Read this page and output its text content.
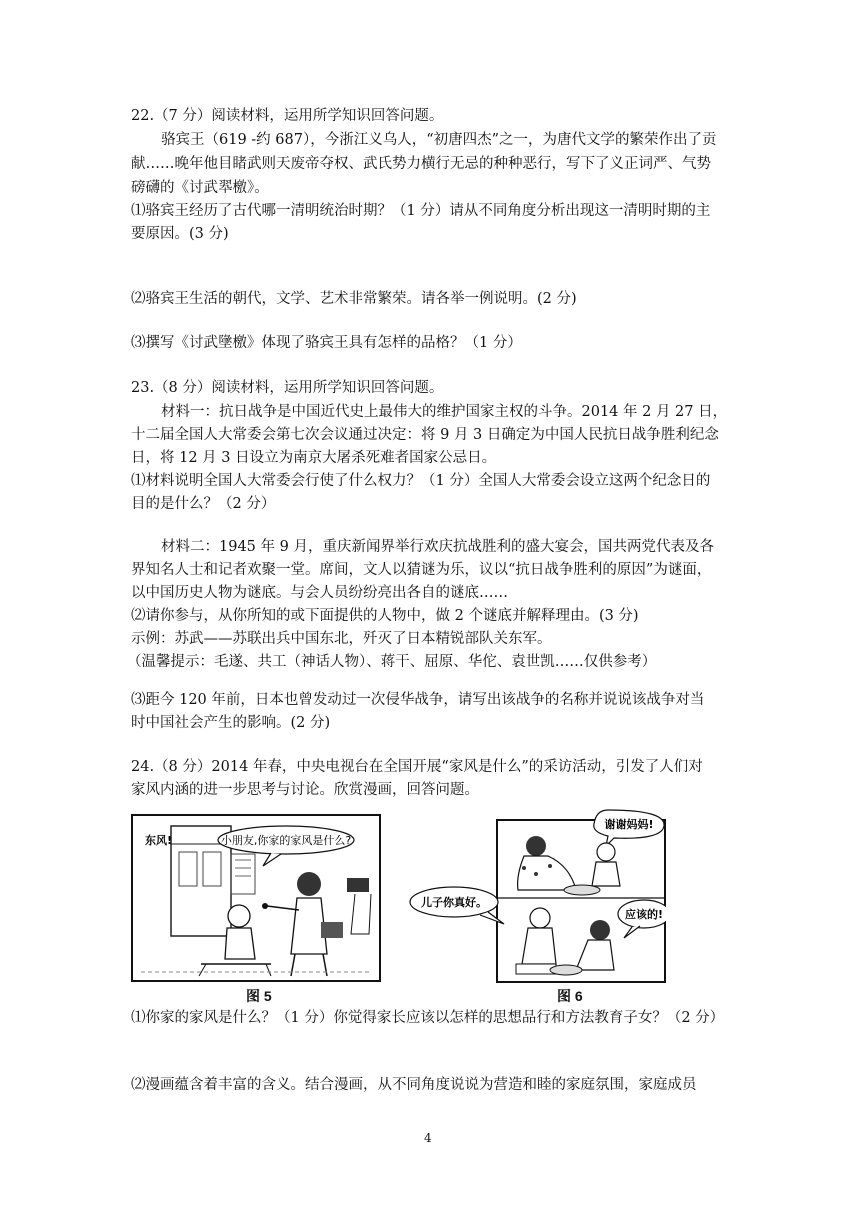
22.（7 分）阅读材料，运用所学知识回答问题。
骆宾王（619 -约 687），今浙江义乌人，“初唐四杰”之一，为唐代文学的繁荣作出了贡
献……晚年他目睹武则天废帝夺权、武氏势力横行无忌的种种恶行，写下了义正词严、气势
磅礴的《讨武翆檄》。
⑴骆宾王经历了古代哪一清明统治时期？（1 分）请从不同角度分析出现这一清明时期的主
要原因。(3 分)
⑵骆宾王生活的朝代，文学、艺术非常繁荣。请各举一例说明。(2 分)
⑶撰写《讨武墬檄》体现了骆宾王具有怎样的品格？（1 分）
23.（8 分）阅读材料，运用所学知识回答问题。
材料一：抗日战争是中国近代史上最伟大的维护国家主权的斗争。2014 年 2 月 27 日，
十二届全国人大常委会第七次会议通过决定：将 9 月 3 日确定为中国人民抗日战争胜利纪念
日，将 12 月 3 日设立为南京大屠杀死难者国家公忌日。
⑴材料说明全国人大常委会行使了什么权力？（1 分）全国人大常委会设立这两个纪念日的
目的是什么？（2 分）
材料二：1945 年 9 月，重庆新闻界举行欢庆抗战胜利的盛大宴会，国共两党代表及各
界知名人士和记者欢聚一堂。席间，文人以猜谜为乐，议以“抗日战争胜利的原因”为谜面，
以中国历史人物为谜底。与会人员纷纷亮出各自的谜底……
⑵请你参与，从你所知的或下面提供的人物中，做 2 个谜底并解释理由。(3 分)
示例：苏武——苏联出兵中国东北，歼灭了日本精锐部队关东军。
（温馨提示：毛遂、共工（神话人物）、蒋干、屈原、华佗、袁世凯……仅供参考）
⑶距今 120 年前，日本也曾发动过一次侵华战争，请写出该战争的名称并说说该战争对当
时中国社会产生的影响。(2 分)
24.（8 分）2014 年春，中央电视台在全国开展“家风是什么”的采访活动，引发了人们对
家风内涵的进一步思考与讨论。欣赏漫画，回答问题。
小朋友,你家的家风是什么?
东风!
图 5
谢谢妈妈!
应该的!
儿子你真好。
图 6
⑴你家的家风是什么？（1 分）你觉得家长应该以怎样的思想品行和方法教育子女？（2 分）
⑵漫画蕴含着丰富的含义。结合漫画，从不同角度说说为营造和睦的家庭氛围，家庭成员
4
